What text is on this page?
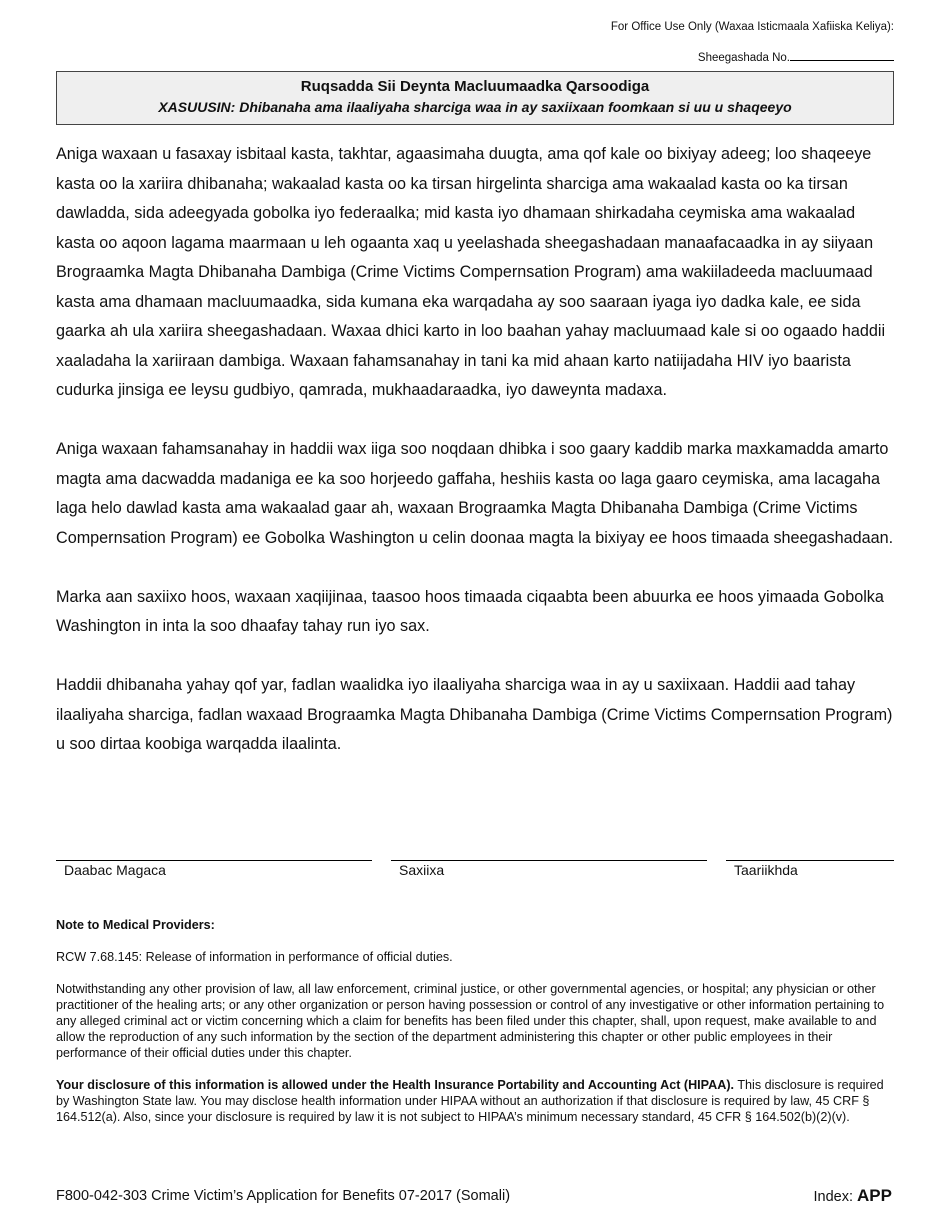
For Office Use Only (Waxaa Isticmaala Xafiiska Keliya):
Sheegashada No.
Ruqsadda Sii Deynta Macluumaadka Qarsoodiga
XASUUSIN: Dhibanaha ama ilaaliyaha sharciga waa in ay saxiixaan foomkaan si uu u shaqeeyo

Aniga waxaan u fasaxay isbitaal kasta, takhtar, agaasimaha duugta, ama qof kale oo bixiyay adeeg; loo shaqeeye kasta oo la xariira dhibanaha; wakaalad kasta oo ka tirsan hirgelinta sharciga ama wakaalad kasta oo ka tirsan dawladda, sida adeegyada gobolka iyo federaalka; mid kasta iyo dhamaan shirkadaha ceymiska ama wakaalad kasta oo aqoon lagama maarmaan u leh ogaanta xaq u yeelashada sheegashadaan manaafacaadka in ay siiyaan Brograamka Magta Dhibanaha Dambiga (Crime Victims Compernsation Program) ama wakiiladeeda macluumaad kasta ama dhamaan macluumaadka, sida kumana eka warqadaha ay soo saaraan iyaga iyo dadka kale, ee sida gaarka ah ula xariira sheegashadaan. Waxaa dhici karto in loo baahan yahay macluumaad kale si oo ogaado haddii xaaladaha la xariiraan dambiga. Waxaan fahamsanahay in tani ka mid ahaan karto natiijadaha HIV iyo baarista cudurka jinsiga ee leysu gudbiyo, qamrada, mukhaadaraadka, iyo daweynta madaxa.

Aniga waxaan fahamsanahay in haddii wax iiga soo noqdaan dhibka i soo gaary kaddib marka maxkamadda amarto magta ama dacwadda madaniga ee ka soo horjeedo gaffaha, heshiis kasta oo laga gaaro ceymiska, ama lacagaha laga helo dawlad kasta ama wakaalad gaar ah, waxaan Brograamka Magta Dhibanaha Dambiga (Crime Victims Compernsation Program) ee Gobolka Washington u celin doonaa magta la bixiyay ee hoos timaada sheegashadaan.

Marka aan saxiixo hoos, waxaan xaqiijinaa, taasoo hoos timaada ciqaabta been abuurka ee hoos yimaada Gobolka Washington in inta la soo dhaafay tahay run iyo sax.

Haddii dhibanaha yahay qof yar, fadlan waalidka iyo ilaaliyaha sharciga waa in ay u saxiixaan. Haddii aad tahay ilaaliyaha sharciga, fadlan waxaad Brograamka Magta Dhibanaha Dambiga (Crime Victims Compernsation Program) u soo dirtaa koobiga warqadda ilaalinta.

Daabac Magaca	Saxiixa	Taariikhda
Note to Medical Providers:
RCW 7.68.145: Release of information in performance of official duties.
Notwithstanding any other provision of law, all law enforcement, criminal justice, or other governmental agencies, or hospital; any physician or other practitioner of the healing arts; or any other organization or person having possession or control of any investigative or other information pertaining to any alleged criminal act or victim concerning which a claim for benefits has been filed under this chapter, shall, upon request, make available to and allow the reproduction of any such information by the section of the department administering this chapter or other public employees in their performance of their official duties under this chapter.
Your disclosure of this information is allowed under the Health Insurance Portability and Accounting Act (HIPAA). This disclosure is required by Washington State law. You may disclose health information under HIPAA without an authorization if that disclosure is required by law, 45 CRF § 164.512(a). Also, since your disclosure is required by law it is not subject to HIPAA’s minimum necessary standard, 45 CFR § 164.502(b)(2)(v).
F800-042-303 Crime Victim’s Application for Benefits 07-2017 (Somali)	Index: APP
